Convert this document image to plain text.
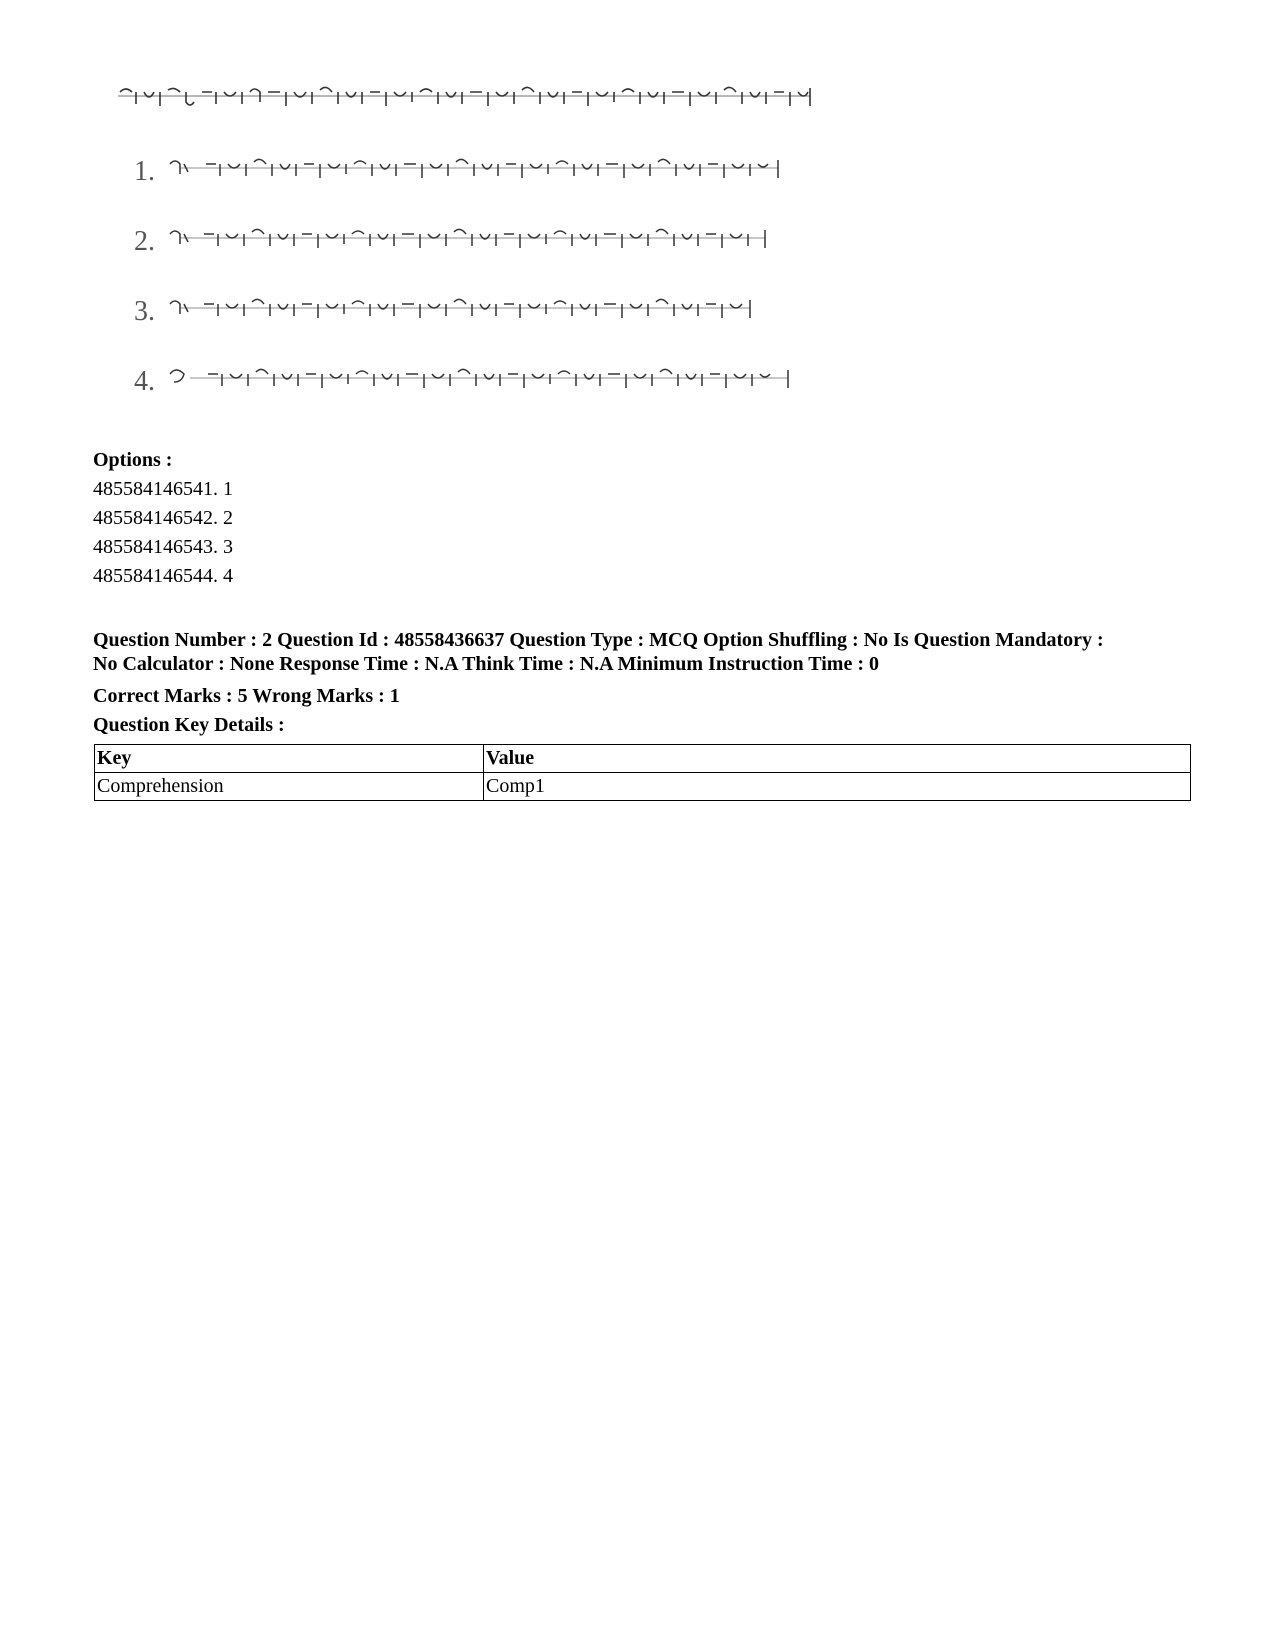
1.
2.
3.
4.
Options :
485584146541. 1
485584146542. 2
485584146543. 3
485584146544. 4
Question Number : 2 Question Id : 48558436637 Question Type : MCQ Option Shuffling : No Is Question Mandatory :
No Calculator : None Response Time : N.A Think Time : N.A Minimum Instruction Time : 0
Correct Marks : 5 Wrong Marks : 1
Question Key Details :
Key	Value
Comprehension	Comp1
